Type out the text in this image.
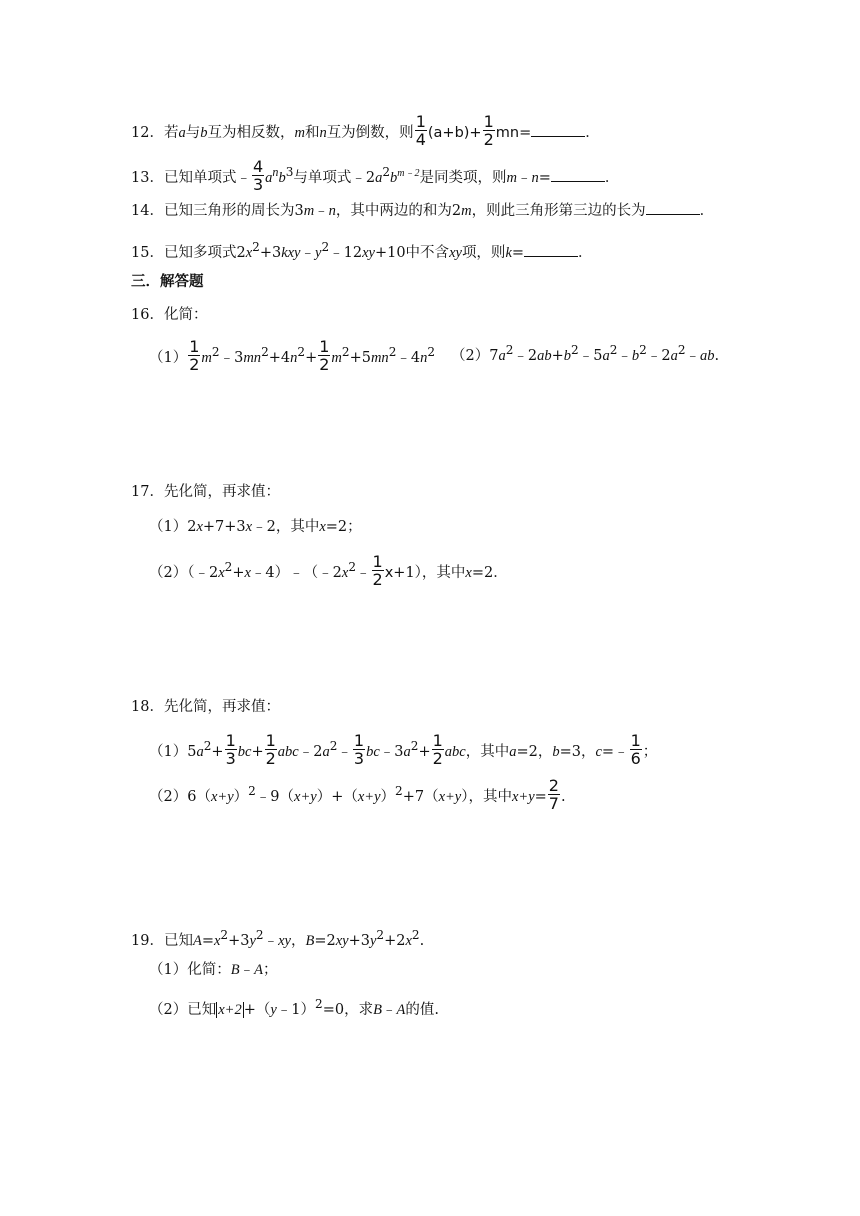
12．若a与b互为相反数，m和n互为倒数，则 $\frac{1}{4} (a+b)+ \frac{1}{2} mn=$	．
13．已知单项式﹣ $\frac{4}{3} a^nb^3$与单项式$﹣2a^2b^{m﹣2}$是同类项，则m﹣n=	．
14．已知三角形的周长为3m﹣n，其中两边的和为2m，则此三角形第三边的长为	．
15．已知多项式$2x^2+3kxy﹣y^2﹣12xy+10$中不含xy项，则k=	．
三．解答题
16．化简：
$(1) \frac{1}{2}$ $m^2﹣3mn^2+4n^2+ \frac{1}{2}$ $m^2+5mn^2﹣4n^2$ $(2)7a^2﹣2ab+b^2﹣5a^2﹣b^2﹣2a^2﹣ab$.
17．先化简，再求值：
（1）2x+7+3x﹣2，其中x=2；
$(2)(﹣2x^2+x﹣4)﹣(﹣2x^2﹣ \frac{1}{2} x+1)$，其中x=2．
18．先化简，再求值：
$(1)5a^2+ \frac{1}{3} bc+ \frac{1}{2}$ $abc﹣2a^2﹣ \frac{1}{3}$ $bc﹣3a^2+ \frac{1}{2}$ abc，其中a=2，b=3，c=﹣ $\frac{1}{6}$ ；
$(2)6(x+y)^2﹣9(x+y)+(x+y)^2+7(x+y)$，其中$x+y= \frac{2}{7}$ .
19．已知$A=x^2+3y^2﹣xy$，$B=2xy+3y^2+2x^2$.
（1）化简：B﹣A；
（2）已知 x+2 +（y﹣1）$^2$=0，求B﹣A的值.
